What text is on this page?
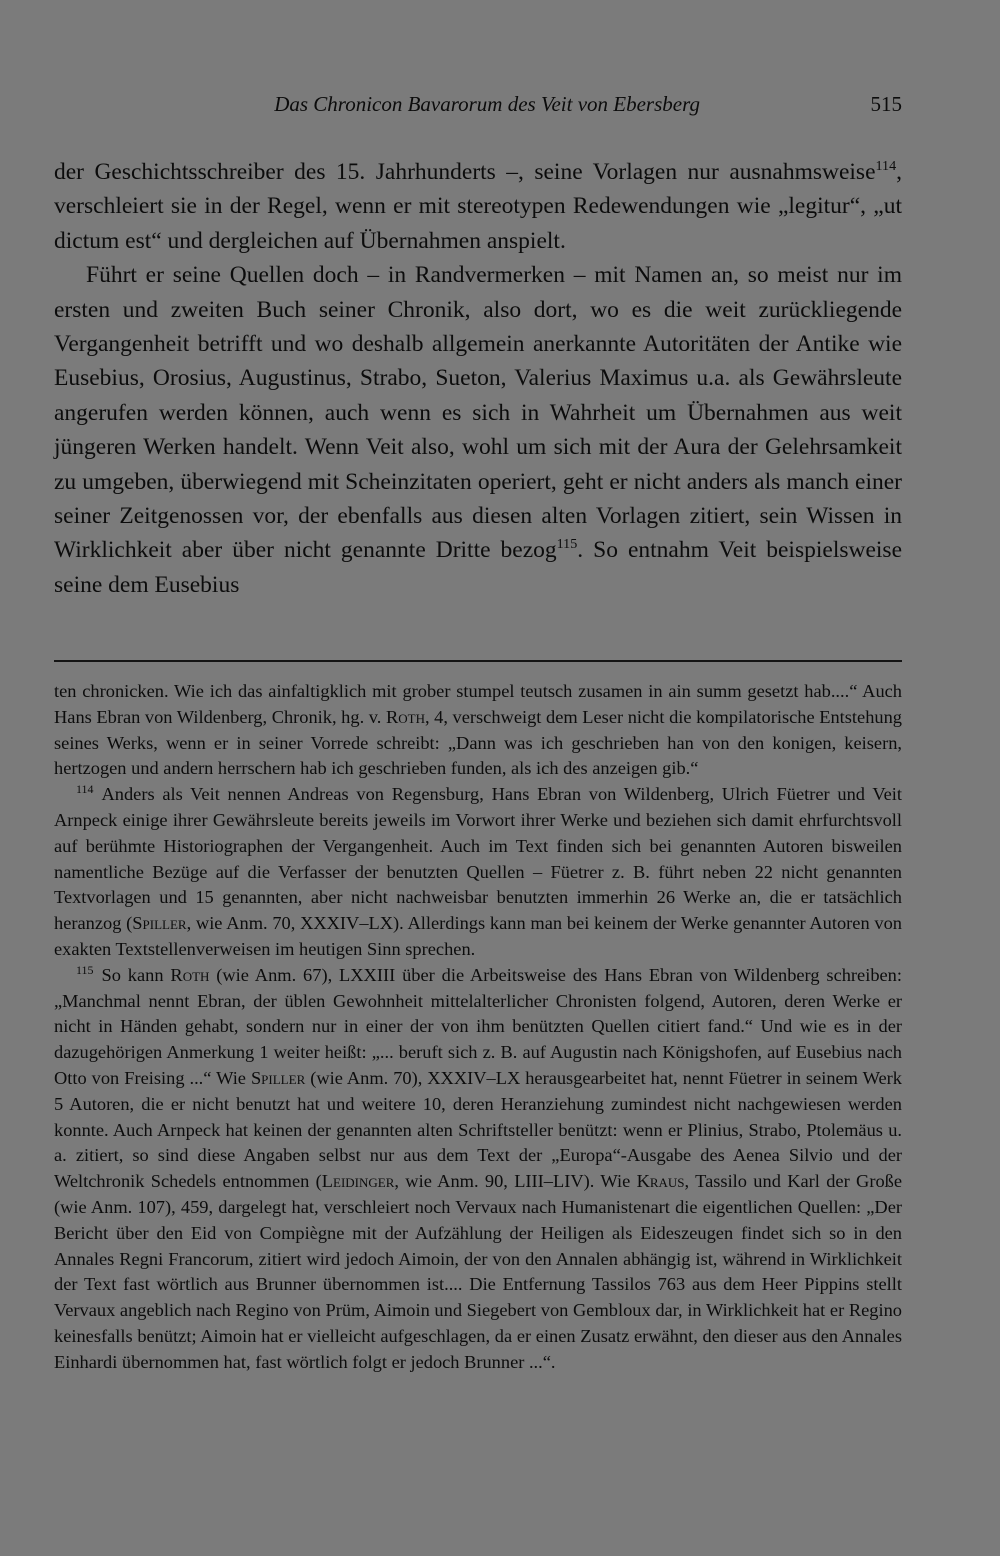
Das Chronicon Bavarorum des Veit von Ebersberg	515

der Geschichtsschreiber des 15. Jahrhunderts –, seine Vorlagen nur ausnahmsweise$^{114}$, verschleiert sie in der Regel, wenn er mit stereotypen Redewendungen wie „legitur“, „ut dictum est“ und dergleichen auf Übernahmen anspielt.

Führt er seine Quellen doch – in Randvermerken – mit Namen an, so meist nur im ersten und zweiten Buch seiner Chronik, also dort, wo es die weit zurückliegende Vergangenheit betrifft und wo deshalb allgemein anerkannte Autoritäten der Antike wie Eusebius, Orosius, Augustinus, Strabo, Sueton, Valerius Maximus u.a. als Gewährsleute angerufen werden können, auch wenn es sich in Wahrheit um Übernahmen aus weit jüngeren Werken handelt. Wenn Veit also, wohl um sich mit der Aura der Gelehrsamkeit zu umgeben, überwiegend mit Scheinzitaten operiert, geht er nicht anders als manch einer seiner Zeitgenossen vor, der ebenfalls aus diesen alten Vorlagen zitiert, sein Wissen in Wirklichkeit aber über nicht genannte Dritte bezog$^{115}$. So entnahm Veit beispielsweise seine dem Eusebius

ten chronicken. Wie ich das ainfaltigklich mit grober stumpel teutsch zusamen in ain summ gesetzt hab....“ Auch Hans Ebran von Wildenberg, Chronik, hg. v. Roth, 4, verschweigt dem Leser nicht die kompilatorische Entstehung seines Werks, wenn er in seiner Vorrede schreibt: „Dann was ich geschrieben han von den konigen, keisern, hertzogen und andern herrschern hab ich geschrieben funden, als ich des anzeigen gib.“

$^{114}$ Anders als Veit nennen Andreas von Regensburg, Hans Ebran von Wildenberg, Ulrich Füetrer und Veit Arnpeck einige ihrer Gewährsleute bereits jeweils im Vorwort ihrer Werke und beziehen sich damit ehrfurchtsvoll auf berühmte Historiographen der Vergangenheit. Auch im Text finden sich bei genannten Autoren bisweilen namentliche Bezüge auf die Verfasser der benutzten Quellen – Füetrer z. B. führt neben 22 nicht genannten Textvorlagen und 15 genannten, aber nicht nachweisbar benutzten immerhin 26 Werke an, die er tatsächlich heranzog (Spiller, wie Anm. 70, XXXIV–LX). Allerdings kann man bei keinem der Werke genannter Autoren von exakten Textstellenverweisen im heutigen Sinn sprechen.

$^{115}$ So kann Roth (wie Anm. 67), LXXIII über die Arbeitsweise des Hans Ebran von Wildenberg schreiben: „Manchmal nennt Ebran, der üblen Gewohnheit mittelalterlicher Chronisten folgend, Autoren, deren Werke er nicht in Händen gehabt, sondern nur in einer der von ihm benützten Quellen citiert fand.“ Und wie es in der dazugehörigen Anmerkung 1 weiter heißt: „... beruft sich z. B. auf Augustin nach Königshofen, auf Eusebius nach Otto von Freising ...“ Wie Spiller (wie Anm. 70), XXXIV–LX herausgearbeitet hat, nennt Füetrer in seinem Werk 5 Autoren, die er nicht benutzt hat und weitere 10, deren Heranziehung zumindest nicht nachgewiesen werden konnte. Auch Arnpeck hat keinen der genannten alten Schriftsteller benützt: wenn er Plinius, Strabo, Ptolemäus u. a. zitiert, so sind diese Angaben selbst nur aus dem Text der „Europa“-Ausgabe des Aenea Silvio und der Weltchronik Schedels entnommen (Leidinger, wie Anm. 90, LIII–LIV). Wie Kraus, Tassilo und Karl der Große (wie Anm. 107), 459, dargelegt hat, verschleiert noch Vervaux nach Humanistenart die eigentlichen Quellen: „Der Bericht über den Eid von Compiègne mit der Aufzählung der Heiligen als Eideszeugen findet sich so in den Annales Regni Francorum, zitiert wird jedoch Aimoin, der von den Annalen abhängig ist, während in Wirklichkeit der Text fast wörtlich aus Brunner übernommen ist.... Die Entfernung Tassilos 763 aus dem Heer Pippins stellt Vervaux angeblich nach Regino von Prüm, Aimoin und Siegebert von Gembloux dar, in Wirklichkeit hat er Regino keinesfalls benützt; Aimoin hat er vielleicht aufgeschlagen, da er einen Zusatz erwähnt, den dieser aus den Annales Einhardi übernommen hat, fast wörtlich folgt er jedoch Brunner ...“.
